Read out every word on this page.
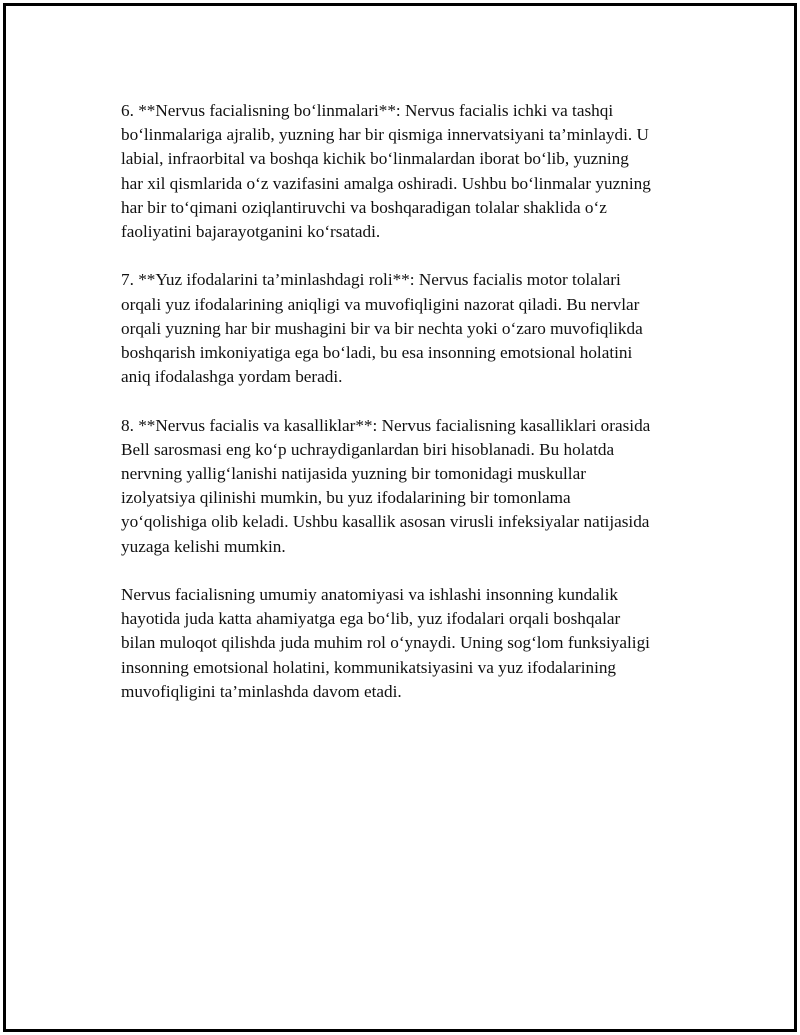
6. **Nervus facialisning bo‘linmalari**: Nervus facialis ichki va tashqi
bo‘linmalariga ajralib, yuzning har bir qismiga innervatsiyani ta’minlaydi. U
labial, infraorbital va boshqa kichik bo‘linmalardan iborat bo‘lib, yuzning
har xil qismlarida o‘z vazifasini amalga oshiradi. Ushbu bo‘linmalar yuzning
har bir to‘qimani oziqlantiruvchi va boshqaradigan tolalar shaklida o‘z
faoliyatini bajarayotganini ko‘rsatadi.

7. **Yuz ifodalarini ta’minlashdagi roli**: Nervus facialis motor tolalari
orqali yuz ifodalarining aniqligi va muvofiqligini nazorat qiladi. Bu nervlar
orqali yuzning har bir mushagini bir va bir nechta yoki o‘zaro muvofiqlikda
boshqarish imkoniyatiga ega bo‘ladi, bu esa insonning emotsional holatini
aniq ifodalashga yordam beradi.

8. **Nervus facialis va kasalliklar**: Nervus facialisning kasalliklari orasida
Bell sarosmasi eng ko‘p uchraydiganlardan biri hisoblanadi. Bu holatda
nervning yallig‘lanishi natijasida yuzning bir tomonidagi muskullar
izolyatsiya qilinishi mumkin, bu yuz ifodalarining bir tomonlama
yo‘qolishiga olib keladi. Ushbu kasallik asosan virusli infeksiyalar natijasida
yuzaga kelishi mumkin.

Nervus facialisning umumiy anatomiyasi va ishlashi insonning kundalik
hayotida juda katta ahamiyatga ega bo‘lib, yuz ifodalari orqali boshqalar
bilan muloqot qilishda juda muhim rol o‘ynaydi. Uning sog‘lom funksiyaligi
insonning emotsional holatini, kommunikatsiyasini va yuz ifodalarining
muvofiqligini ta’minlashda davom etadi.
